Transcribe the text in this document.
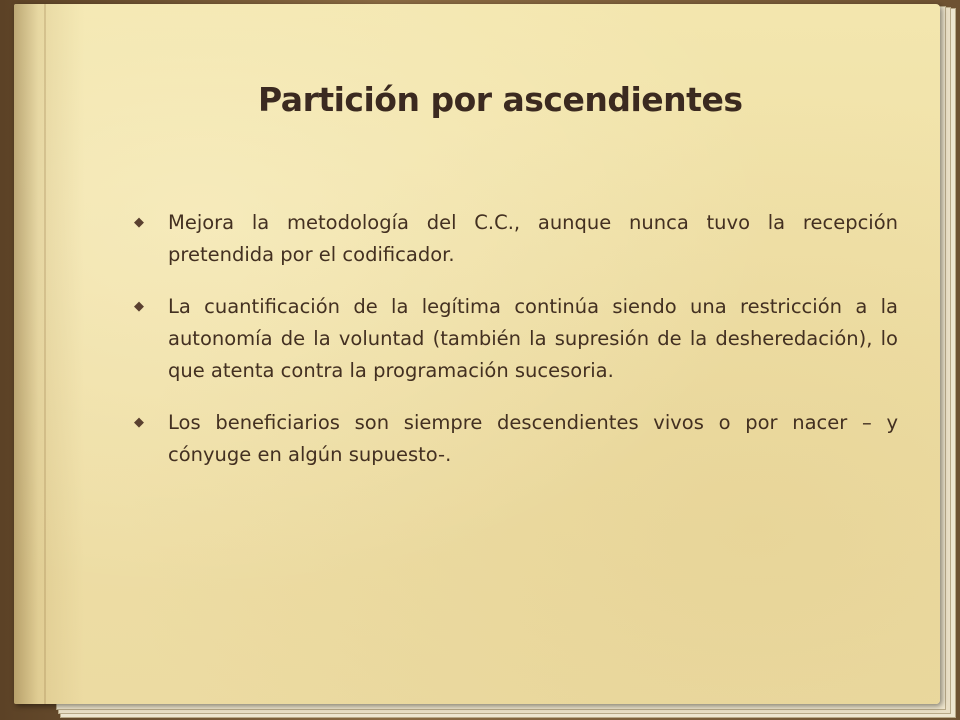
Partición por ascendientes
◆ Mejora la metodología del C.C., aunque nunca tuvo la recepción pretendida por el codificador.
◆ La cuantificación de la legítima continúa siendo una restricción a la autonomía de la voluntad (también la supresión de la desheredación), lo que atenta contra la programación sucesoria.
◆ Los beneficiarios son siempre descendientes vivos o por nacer – y cónyuge en algún supuesto-.
